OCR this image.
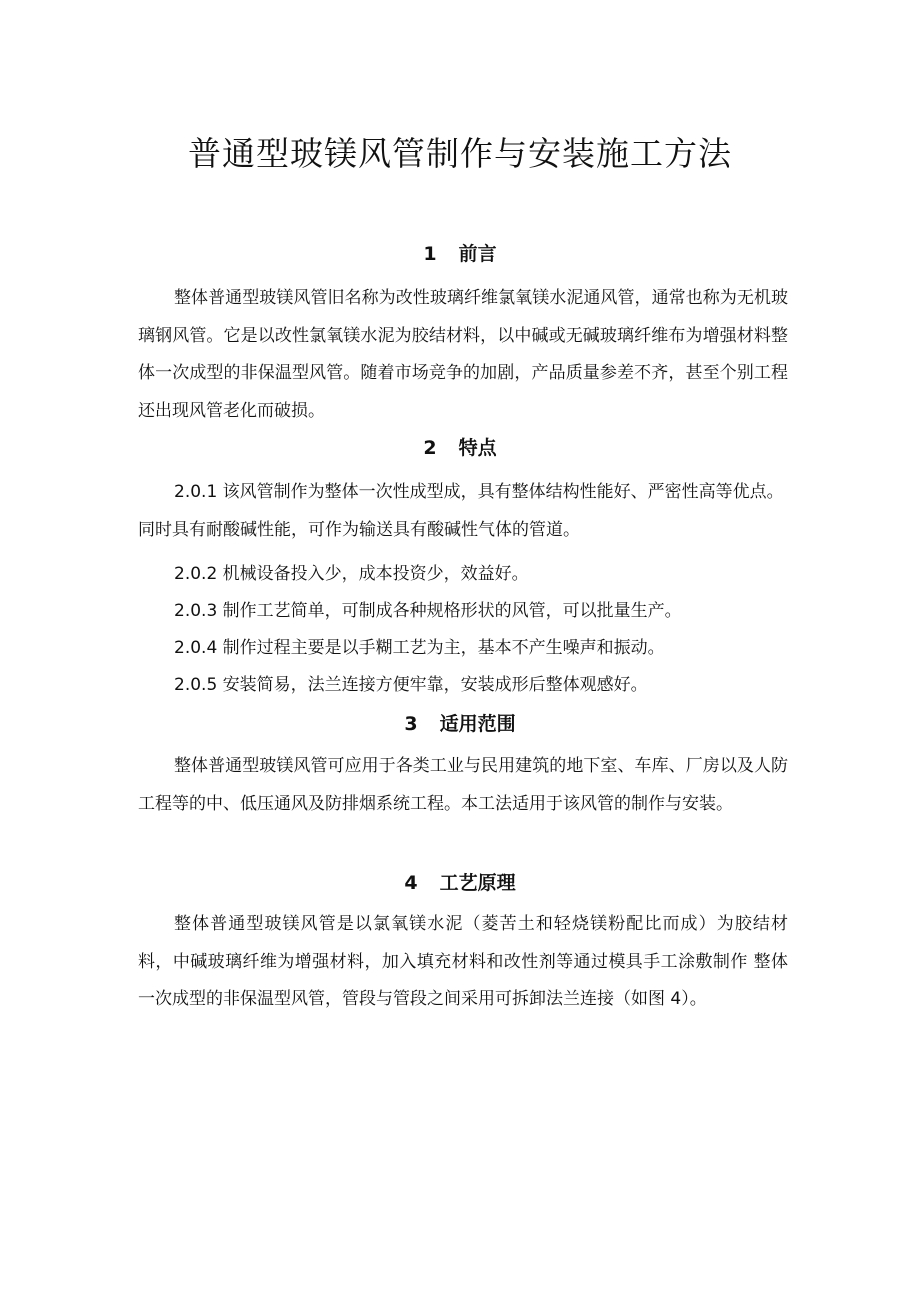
普通型玻镁风管制作与安装施工方法
1 前言

整体普通型玻镁风管旧名称为改性玻璃纤维氯氧镁水泥通风管，通常也称为无机玻璃钢风管。它是以改性氯氧镁水泥为胶结材料，以中碱或无碱玻璃纤维布为增强材料整体一次成型的非保温型风管。随着市场竞争的加剧，产品质量参差不齐，甚至个别工程还出现风管老化而破损。

2 特点

2.0.1 该风管制作为整体一次性成型成，具有整体结构性能好、严密性高等优点。同时具有耐酸碱性能，可作为输送具有酸碱性气体的管道。

2.0.2 机械设备投入少，成本投资少，效益好。

2.0.3 制作工艺简单，可制成各种规格形状的风管，可以批量生产。

2.0.4 制作过程主要是以手糊工艺为主，基本不产生噪声和振动。

2.0.5 安装简易，法兰连接方便牢靠，安装成形后整体观感好。

3 适用范围

整体普通型玻镁风管可应用于各类工业与民用建筑的地下室、车库、厂房以及人防工程等的中、低压通风及防排烟系统工程。本工法适用于该风管的制作与安装。

4 工艺原理

整体普通型玻镁风管是以氯氧镁水泥（菱苦土和轻烧镁粉配比而成）为胶结材 料，中碱玻璃纤维为增强材料，加入填充材料和改性剂等通过模具手工涂敷制作 整体一次成型的非保温型风管，管段与管段之间采用可拆卸法兰连接（如图 4）。
